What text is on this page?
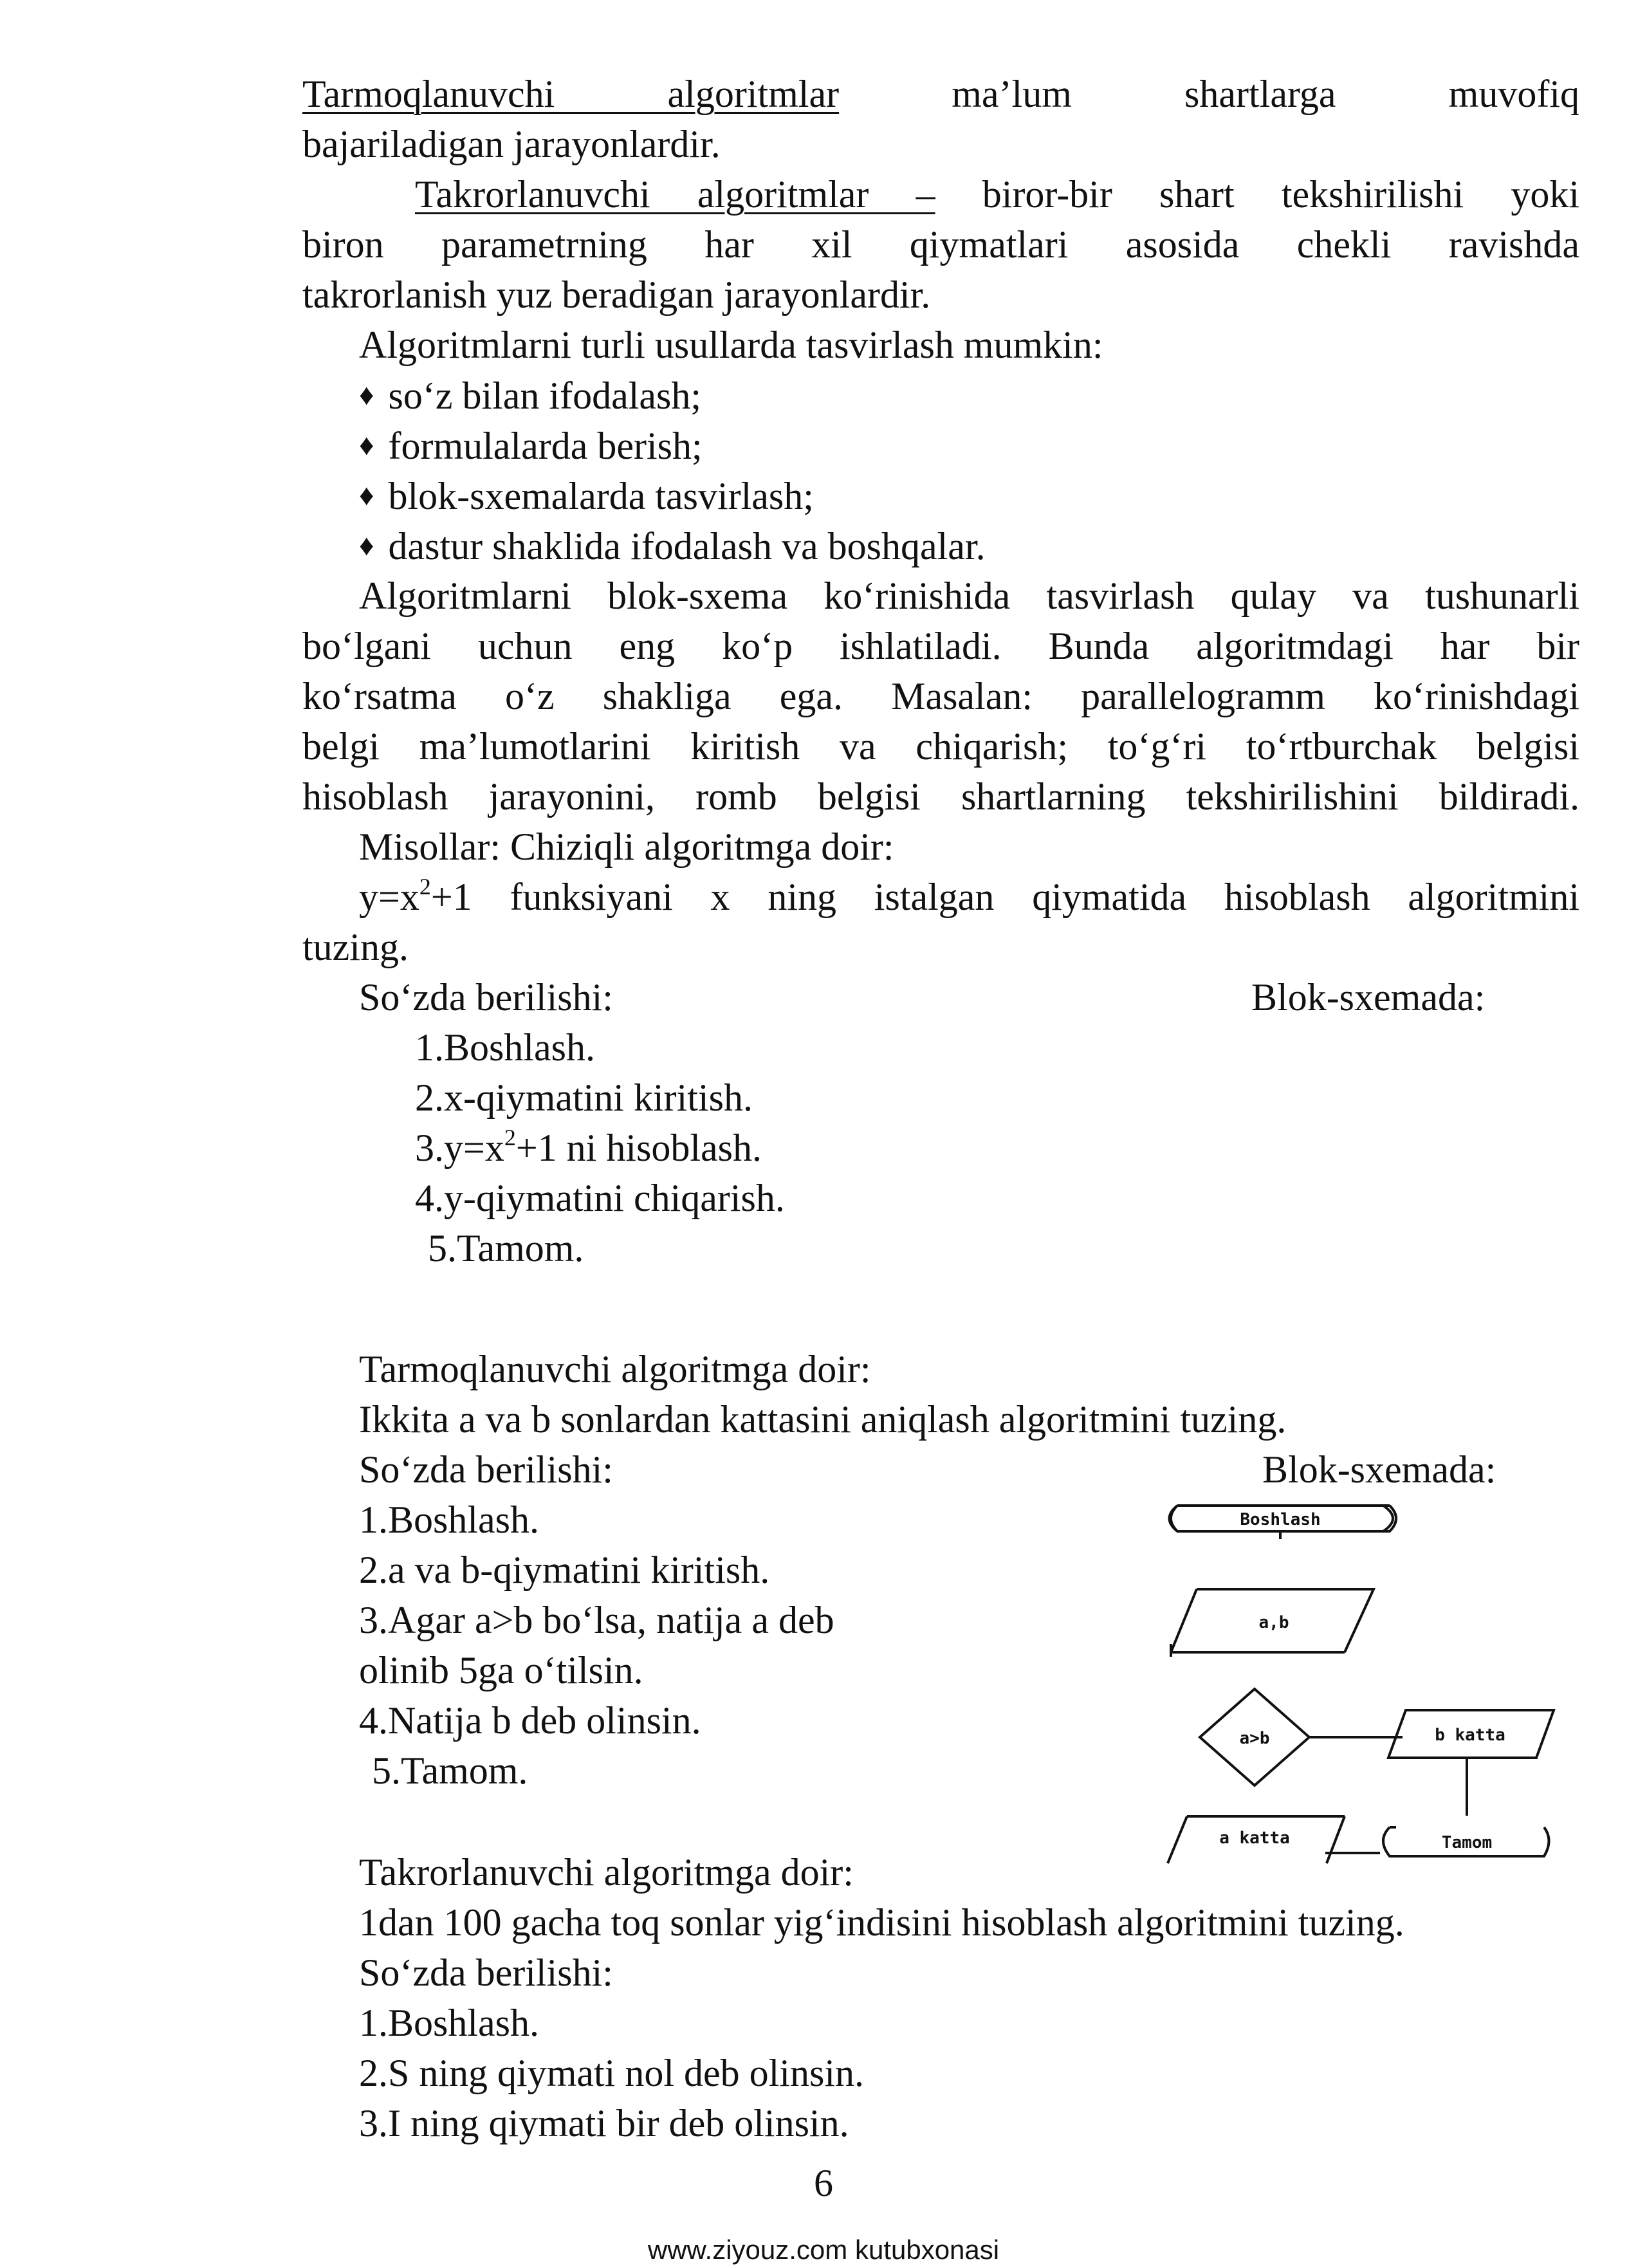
Tarmoqlanuvchi algoritmlar ma’lum shartlarga muvofiq
bajariladigan jarayonlardir.
Takrorlanuvchi algoritmlar – biror-bir shart tekshirilishi yoki
biron parametrning har xil qiymatlari asosida chekli ravishda
takrorlanish yuz beradigan jarayonlardir.
Algoritmlarni turli usullarda tasvirlash mumkin:
♦ so‘z bilan ifodalash;
♦ formulalarda berish;
♦ blok-sxemalarda tasvirlash;
♦ dastur shaklida ifodalash va boshqalar.
Algoritmlarni blok-sxema ko‘rinishida tasvirlash qulay va tushunarli
bo‘lgani uchun eng ko‘p ishlatiladi. Bunda algoritmdagi har bir
ko‘rsatma o‘z shakliga ega. Masalan: parallelogramm ko‘rinishdagi
belgi ma’lumotlarini kiritish va chiqarish; to‘g‘ri to‘rtburchak belgisi
hisoblash jarayonini, romb belgisi shartlarning tekshirilishini bildiradi.
Misollar: Chiziqli algoritmga doir:
$y=x^2+1$ funksiyani x ning istalgan qiymatida hisoblash algoritmini
tuzing.
So‘zda berilishi:	Blok-sxemada:
1.Boshlash.
2.x-qiymatini kiritish.
$3.y=x^2+1$ ni hisoblash.
4.y-qiymatini chiqarish.
5.Tamom.
Tarmoqlanuvchi algoritmga doir:
Ikkita a va b sonlardan kattasini aniqlash algoritmini tuzing.
So‘zda berilishi:	Blok-sxemada:
1.Boshlash.
2.a va b-qiymatini kiritish.
3.Agar a>b bo‘lsa, natija a deb
olinib 5ga o‘tilsin.
4.Natija b deb olinsin.
5.Tamom.
Boshlash
a,b
a>b	b katta
a katta	Tamom
Takrorlanuvchi algoritmga doir:
1dan 100 gacha toq sonlar yig‘indisini hisoblash algoritmini tuzing.
So‘zda berilishi:
1.Boshlash.
2.S ning qiymati nol deb olinsin.
3.I ning qiymati bir deb olinsin.
6
www.ziyouz.com kutubxonasi
